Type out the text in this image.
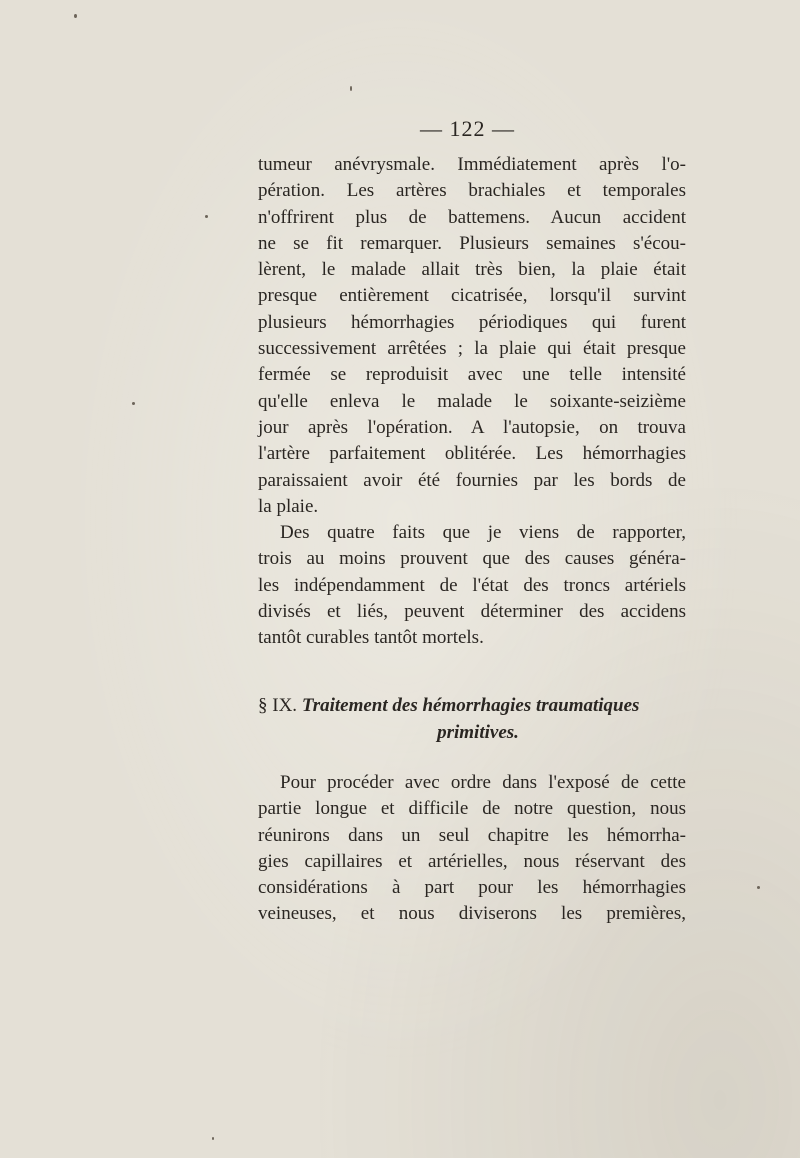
— 122 —
tumeur anévrysmale. Immédiatement après l'o-
pération. Les artères brachiales et temporales
n'offrirent plus de battemens. Aucun accident
ne se fit remarquer. Plusieurs semaines s'écou-
lèrent, le malade allait très bien, la plaie était
presque entièrement cicatrisée, lorsqu'il survint
plusieurs hémorrhagies périodiques qui furent
successivement arrêtées ; la plaie qui était presque
fermée se reproduisit avec une telle intensité
qu'elle enleva le malade le soixante-seizième
jour après l'opération. A l'autopsie, on trouva
l'artère parfaitement oblitérée. Les hémorrhagies
paraissaient avoir été fournies par les bords de
la plaie.
Des quatre faits que je viens de rapporter,
trois au moins prouvent que des causes généra-
les indépendamment de l'état des troncs artériels
divisés et liés, peuvent déterminer des accidens
tantôt curables tantôt mortels.
§ IX. Traitement des hémorrhagies traumatiques
primitives.
Pour procéder avec ordre dans l'exposé de cette
partie longue et difficile de notre question, nous
réunirons dans un seul chapitre les hémorrha-
gies capillaires et artérielles, nous réservant des
considérations à part pour les hémorrhagies
veineuses, et nous diviserons les premières,
